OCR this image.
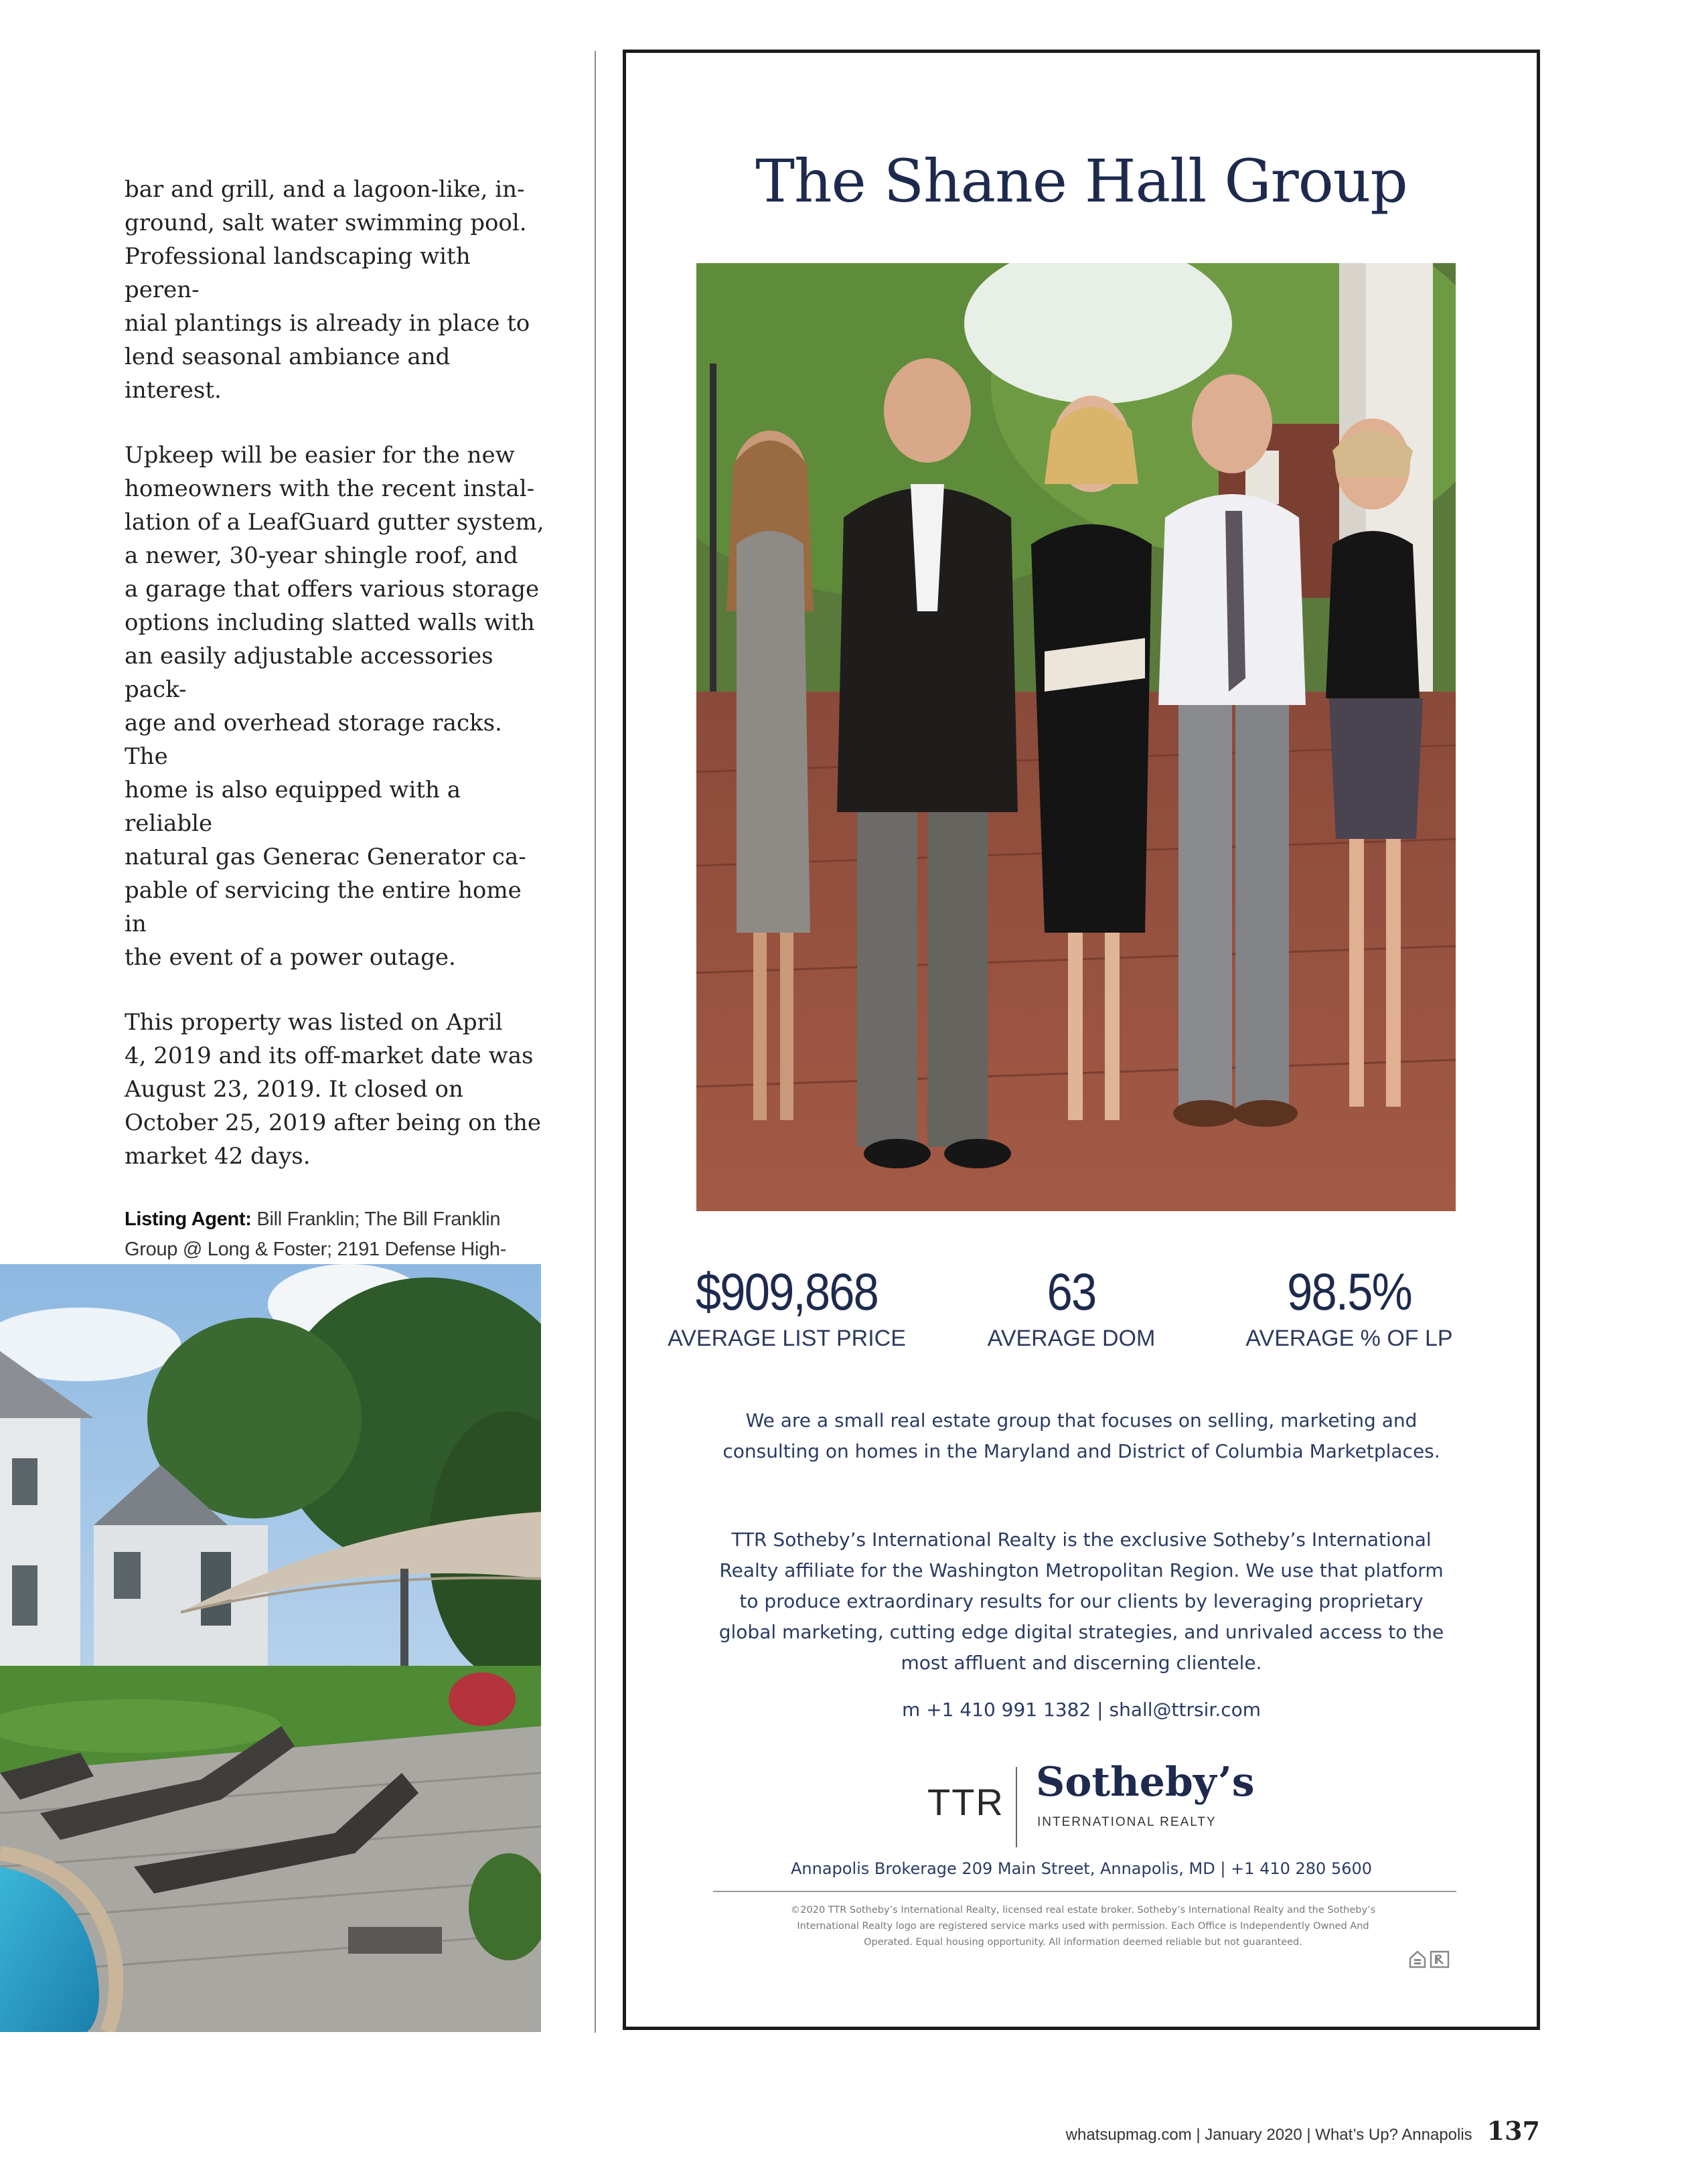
bar and grill, and a lagoon-like, in-
ground, salt water swimming pool.
Professional landscaping with peren-
nial plantings is already in place to
lend seasonal ambiance and interest.

Upkeep will be easier for the new
homeowners with the recent instal-
lation of a LeafGuard gutter system,
a newer, 30-year shingle roof, and
a garage that offers various storage
options including slatted walls with
an easily adjustable accessories pack-
age and overhead storage racks. The
home is also equipped with a reliable
natural gas Generac Generator ca-
pable of servicing the entire home in
the event of a power outage.

This property was listed on April
4, 2019 and its off-market date was
August 23, 2019. It closed on
October 25, 2019 after being on the
market 42 days.

Listing Agent: Bill Franklin; The Bill Franklin
Group @ Long & Foster; 2191 Defense High-

The Shane Hall Group
$909,868
AVERAGE LIST PRICE
63
AVERAGE DOM
98.5%
AVERAGE % OF LP
We are a small real estate group that focuses on selling, marketing and
consulting on homes in the Maryland and District of Columbia Marketplaces.
TTR Sotheby’s International Realty is the exclusive Sotheby’s International
Realty affiliate for the Washington Metropolitan Region. We use that platform
to produce extraordinary results for our clients by leveraging proprietary
global marketing, cutting edge digital strategies, and unrivaled access to the
most affluent and discerning clientele.
m +1 410 991 1382 | shall@ttrsir.com
TTR Sotheby’s
INTERNATIONAL REALTY
Annapolis Brokerage 209 Main Street, Annapolis, MD | +1 410 280 5600
©2020 TTR Sotheby’s International Realty, licensed real estate broker. Sotheby’s International Realty and the Sotheby’s
International Realty logo are registered service marks used with permission. Each Office is Independently Owned And
Operated. Equal housing opportunity. All information deemed reliable but not guaranteed.
whatsupmag.com | January 2020 | What’s Up? Annapolis 137
